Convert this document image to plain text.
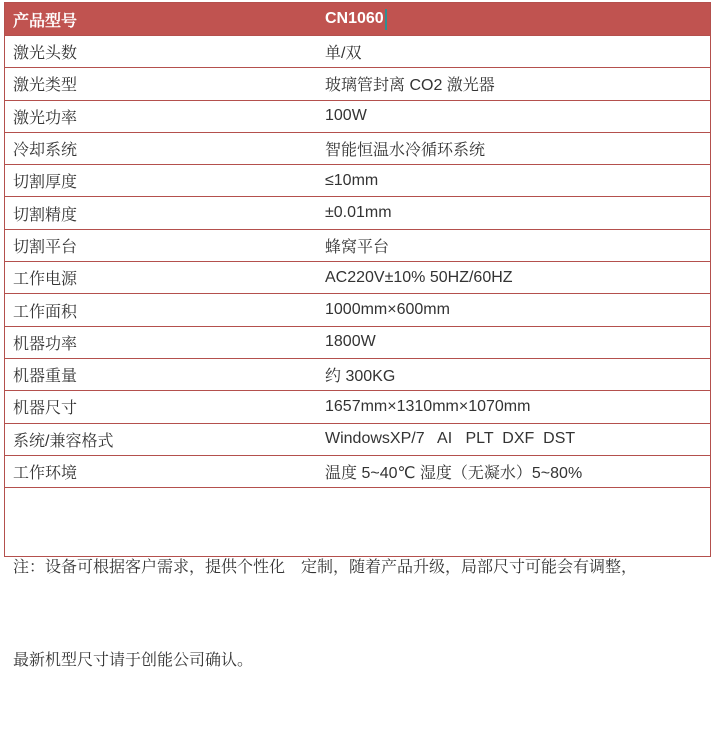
产品型号	CN1060
激光头数	单/双
激光类型	玻璃管封离 CO2 激光器
激光功率	100W
冷却系统	智能恒温水冷循环系统
切割厚度	≤10mm
切割精度	±0.01mm
切割平台	蜂窝平台
工作电源	AC220V±10% 50HZ/60HZ
工作面积	1000mm×600mm
机器功率	1800W
机器重量	约 300KG
机器尺寸	1657mm×1310mm×1070mm
系统/兼容格式	WindowsXP/7   AI   PLT  DXF  DST
工作环境	温度 5~40℃ 湿度（无凝水）5~80%

注：设备可根据客户需求，提供个性化　定制，随着产品升级，局部尺寸可能会有调整，

最新机型尺寸请于创能公司确认。
